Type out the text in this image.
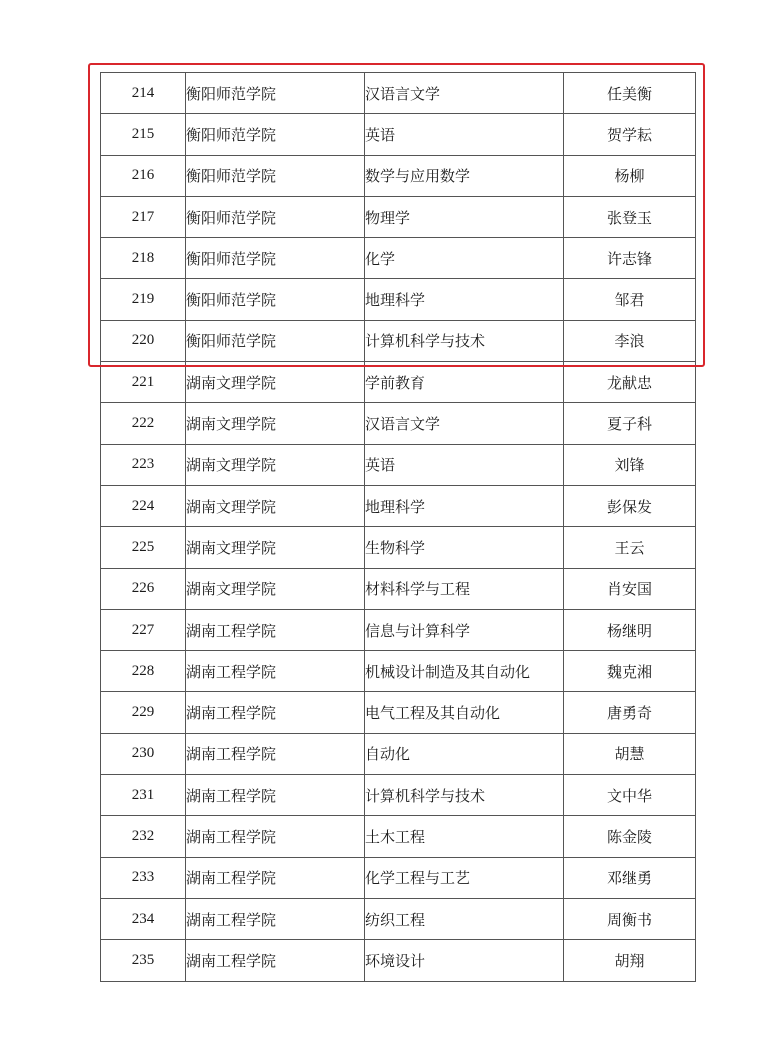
214	衡阳师范学院	汉语言文学	任美衡
215	衡阳师范学院	英语	贺学耘
216	衡阳师范学院	数学与应用数学	杨柳
217	衡阳师范学院	物理学	张登玉
218	衡阳师范学院	化学	许志锋
219	衡阳师范学院	地理科学	邹君
220	衡阳师范学院	计算机科学与技术	李浪
221	湖南文理学院	学前教育	龙献忠
222	湖南文理学院	汉语言文学	夏子科
223	湖南文理学院	英语	刘锋
224	湖南文理学院	地理科学	彭保发
225	湖南文理学院	生物科学	王云
226	湖南文理学院	材料科学与工程	肖安国
227	湖南工程学院	信息与计算科学	杨继明
228	湖南工程学院	机械设计制造及其自动化	魏克湘
229	湖南工程学院	电气工程及其自动化	唐勇奇
230	湖南工程学院	自动化	胡慧
231	湖南工程学院	计算机科学与技术	文中华
232	湖南工程学院	土木工程	陈金陵
233	湖南工程学院	化学工程与工艺	邓继勇
234	湖南工程学院	纺织工程	周衡书
235	湖南工程学院	环境设计	胡翔
